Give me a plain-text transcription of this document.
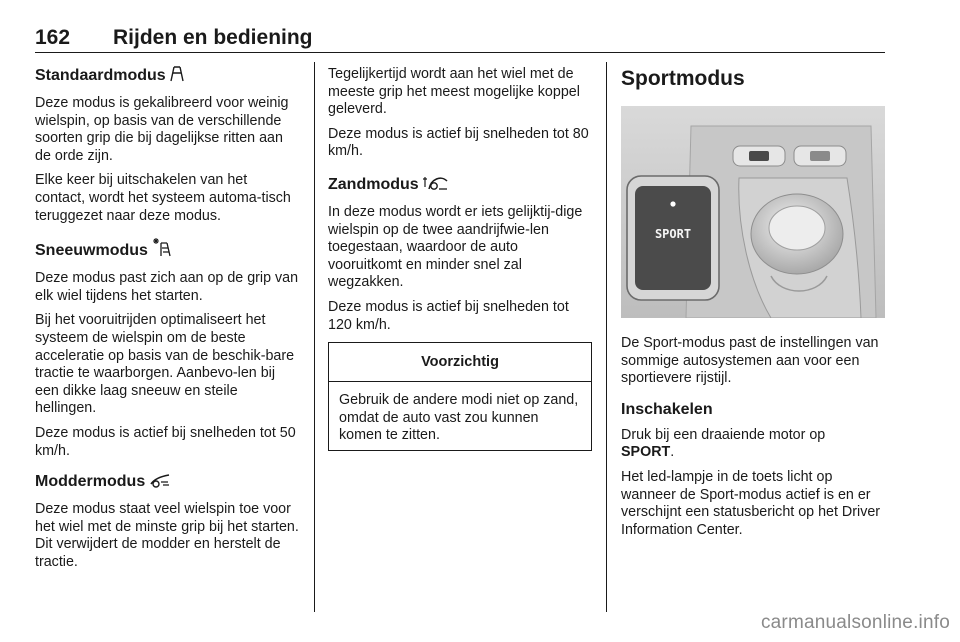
162 Rijden en bediening
Standaardmodus

Deze modus is gekalibreerd voor weinig wielspin, op basis van de verschillende soorten grip die bij dagelijkse ritten aan de orde zijn.

Elke keer bij uitschakelen van het contact, wordt het systeem automa-tisch teruggezet naar deze modus.

Sneeuwmodus

Deze modus past zich aan op de grip van elk wiel tijdens het starten.

Bij het vooruitrijden optimaliseert het systeem de wielspin om de beste acceleratie op basis van de beschik-bare tractie te waarborgen. Aanbevo-len bij een dikke laag sneeuw en steile hellingen.

Deze modus is actief bij snelheden tot 50 km/h.

Moddermodus

Deze modus staat veel wielspin toe voor het wiel met de minste grip bij het starten. Dit verwijdert de modder en herstelt de tractie.

Tegelijkertijd wordt aan het wiel met de meeste grip het meest mogelijke koppel geleverd.

Deze modus is actief bij snelheden tot 80 km/h.

Zandmodus

In deze modus wordt er iets gelijktij-dige wielspin op de twee aandrijfwie-len toegestaan, waardoor de auto vooruitkomt en minder snel zal wegzakken.

Deze modus is actief bij snelheden tot 120 km/h.

Voorzichtig
Gebruik de andere modi niet op zand, omdat de auto vast zou kunnen komen te zitten.
Sportmodus
SPORT

De Sport-modus past de instellingen van sommige autosystemen aan voor een sportievere rijstijl.

Inschakelen

Druk bij een draaiende motor op
SPORT.

Het led-lampje in de toets licht op wanneer de Sport-modus actief is en er verschijnt een statusbericht op het Driver Information Center.

carmanualsonline.info
